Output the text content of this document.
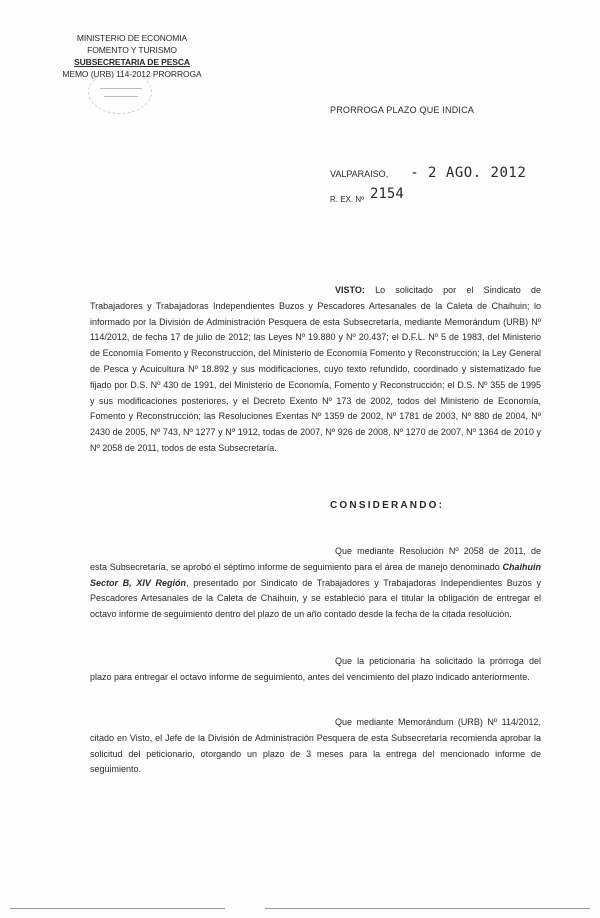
MINISTERIO DE ECONOMIA
FOMENTO Y TURISMO
SUBSECRETARIA DE PESCA
MEMO (URB) 114-2012 PRORROGA
PRORROGA PLAZO QUE INDICA
VALPARAISO, - 2 AGO. 2012
R. EX. Nº 2154
VISTO: Lo solicitado por el Sindicato de Trabajadores y Trabajadoras Independientes Buzos y Pescadores Artesanales de la Caleta de Chaihuin; lo informado por la División de Administración Pesquera de esta Subsecretaría, mediante Memorándum (URB) Nº 114/2012, de fecha 17 de julio de 2012; las Leyes Nº 19.880 y Nº 20.437; el D.F.L. Nº 5 de 1983, del Ministerio de Economía Fomento y Reconstrucción, del Ministerio de Economía Fomento y Reconstrucción; la Ley General de Pesca y Acuicultura Nº 18.892 y sus modificaciones, cuyo texto refundido, coordinado y sistematizado fue fijado por D.S. Nº 430 de 1991, del Ministerio de Economía, Fomento y Reconstrucción; el D.S. Nº 355 de 1995 y sus modificaciones posteriores, y el Decreto Exento Nº 173 de 2002, todos del Ministerio de Economía, Fomento y Reconstrucción; las Resoluciones Exentas Nº 1359 de 2002, Nº 1781 de 2003, Nº 880 de 2004, Nº 2430 de 2005, Nº 743, Nº 1277 y Nº 1912, todas de 2007, Nº 926 de 2008, Nº 1270 de 2007, Nº 1364 de 2010 y Nº 2058 de 2011, todos de esta Subsecretaría.
CONSIDERANDO:
Que mediante Resolución Nº 2058 de 2011, de esta Subsecretaría, se aprobó el séptimo informe de seguimiento para el área de manejo denominado Chaihuin Sector B, XIV Región, presentado por Sindicato de Trabajadores y Trabajadoras Independientes Buzos y Pescadores Artesanales de la Caleta de Chaihuin, y se estableció para el titular la obligación de entregar el octavo informe de seguimiento dentro del plazo de un año contado desde la fecha de la citada resolución.
Que la peticionaria ha solicitado la prórroga del plazo para entregar el octavo informe de seguimiento, antes del vencimiento del plazo indicado anteriormente.
Que mediante Memorándum (URB) Nº 114/2012, citado en Visto, el Jefe de la División de Administración Pesquera de esta Subsecretaría recomienda aprobar la solicitud del peticionario, otorgando un plazo de 3 meses para la entrega del mencionado informe de seguimiento.
